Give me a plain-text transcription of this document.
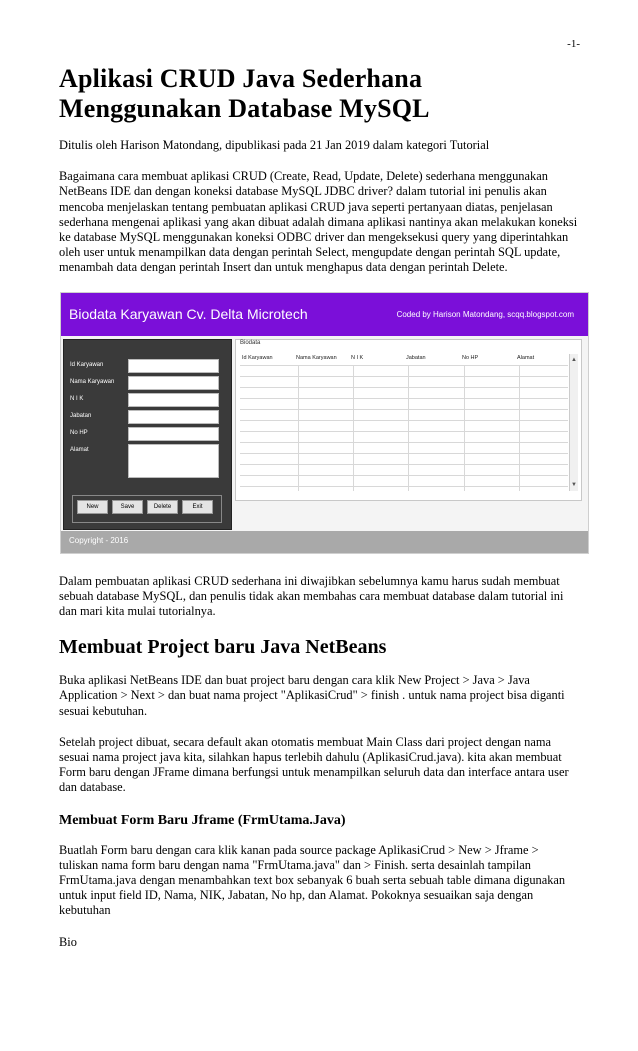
-1-
Aplikasi CRUD Java Sederhana Menggunakan Database MySQL

Ditulis oleh Harison Matondang, dipublikasi pada 21 Jan 2019 dalam kategori Tutorial

Bagaimana cara membuat aplikasi CRUD (Create, Read, Update, Delete) sederhana menggunakan NetBeans IDE dan dengan koneksi database MySQL JDBC driver? dalam tutorial ini penulis akan mencoba menjelaskan tentang pembuatan aplikasi CRUD java seperti pertanyaan diatas, penjelasan sederhana mengenai aplikasi yang akan dibuat adalah dimana aplikasi nantinya akan melakukan koneksi ke database MySQL menggunakan koneksi ODBC driver dan mengeksekusi query yang diperintahkan oleh user untuk menampilkan data dengan perintah Select, mengupdate dengan perintah SQL update, menambah data dengan perintah Insert dan untuk menghapus data dengan perintah Delete.

Biodata Karyawan Cv. Delta Microtech	Coded by Harison Matondang, scqq.blogspot.com
Id Karyawan
Nama Karyawan
N I K
Jabatan
No HP
Alamat
New	Save	Delete	Exit
Biodata
Id Karyawan	Nama Karyawan	N I K	Jabatan	No HP	Alamat	▲
▼
Copyright - 2016

Dalam pembuatan aplikasi CRUD sederhana ini diwajibkan sebelumnya kamu harus sudah membuat sebuah database MySQL, dan penulis tidak akan membahas cara membuat database dalam tutorial ini dan mari kita mulai tutorialnya.

Membuat Project baru Java NetBeans

Buka aplikasi NetBeans IDE dan buat project baru dengan cara klik New Project > Java > Java Application > Next > dan buat nama project "AplikasiCrud" > finish . untuk nama project bisa diganti sesuai kebutuhan.

Setelah project dibuat, secara default akan otomatis membuat Main Class dari project dengan nama sesuai nama project java kita, silahkan hapus terlebih dahulu (AplikasiCrud.java). kita akan membuat Form baru dengan JFrame dimana berfungsi untuk menampilkan seluruh data dan interface antara user dan database.

Membuat Form Baru Jframe (FrmUtama.Java)

Buatlah Form baru dengan cara klik kanan pada source package AplikasiCrud > New > Jframe > tuliskan nama form baru dengan nama "FrmUtama.java" dan > Finish. serta desainlah tampilan FrmUtama.java dengan menambahkan text box sebanyak 6 buah serta sebuah table dimana digunakan untuk input field ID, Nama, NIK, Jabatan, No hp, dan Alamat. Pokoknya sesuaikan saja dengan kebutuhan

Bio
